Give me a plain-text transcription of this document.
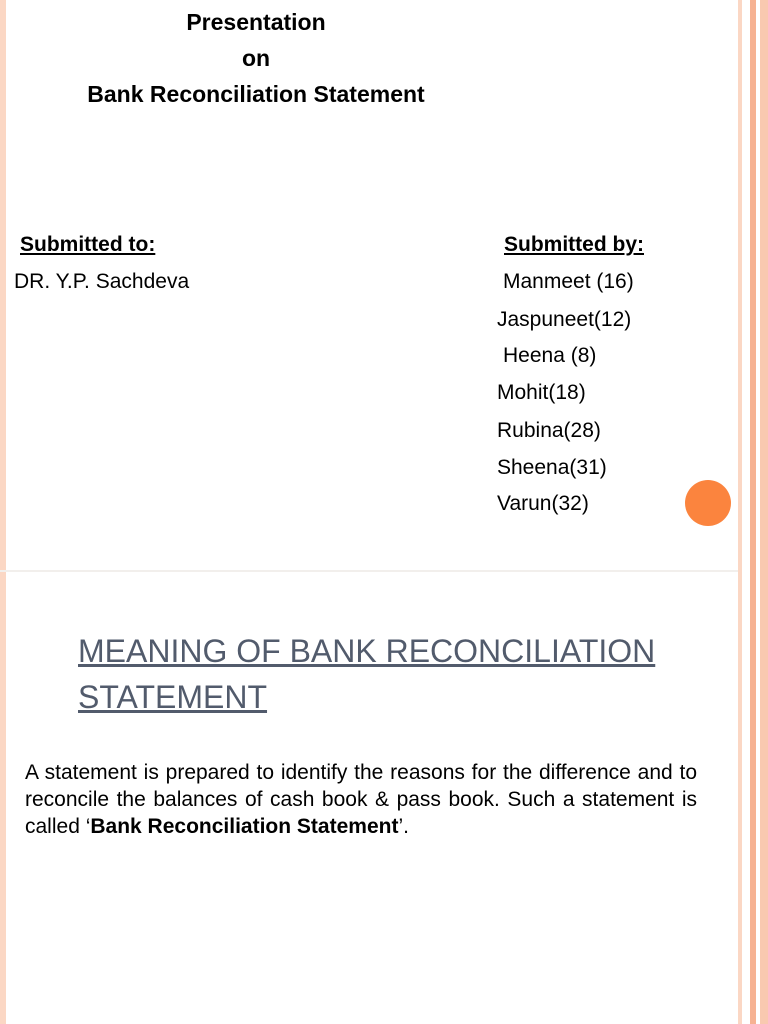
Presentation
on
Bank Reconciliation Statement
Submitted to:
DR. Y.P. Sachdeva
Submitted by:
Manmeet (16)
Jaspuneet(12)
Heena (8)
Mohit(18)
Rubina(28)
Sheena(31)
Varun(32)
MEANING OF BANK RECONCILIATION
STATEMENT
A statement is prepared to identify the reasons for the difference and to reconcile the balances of cash book & pass book. Such a statement is called ‘Bank Reconciliation Statement’.
